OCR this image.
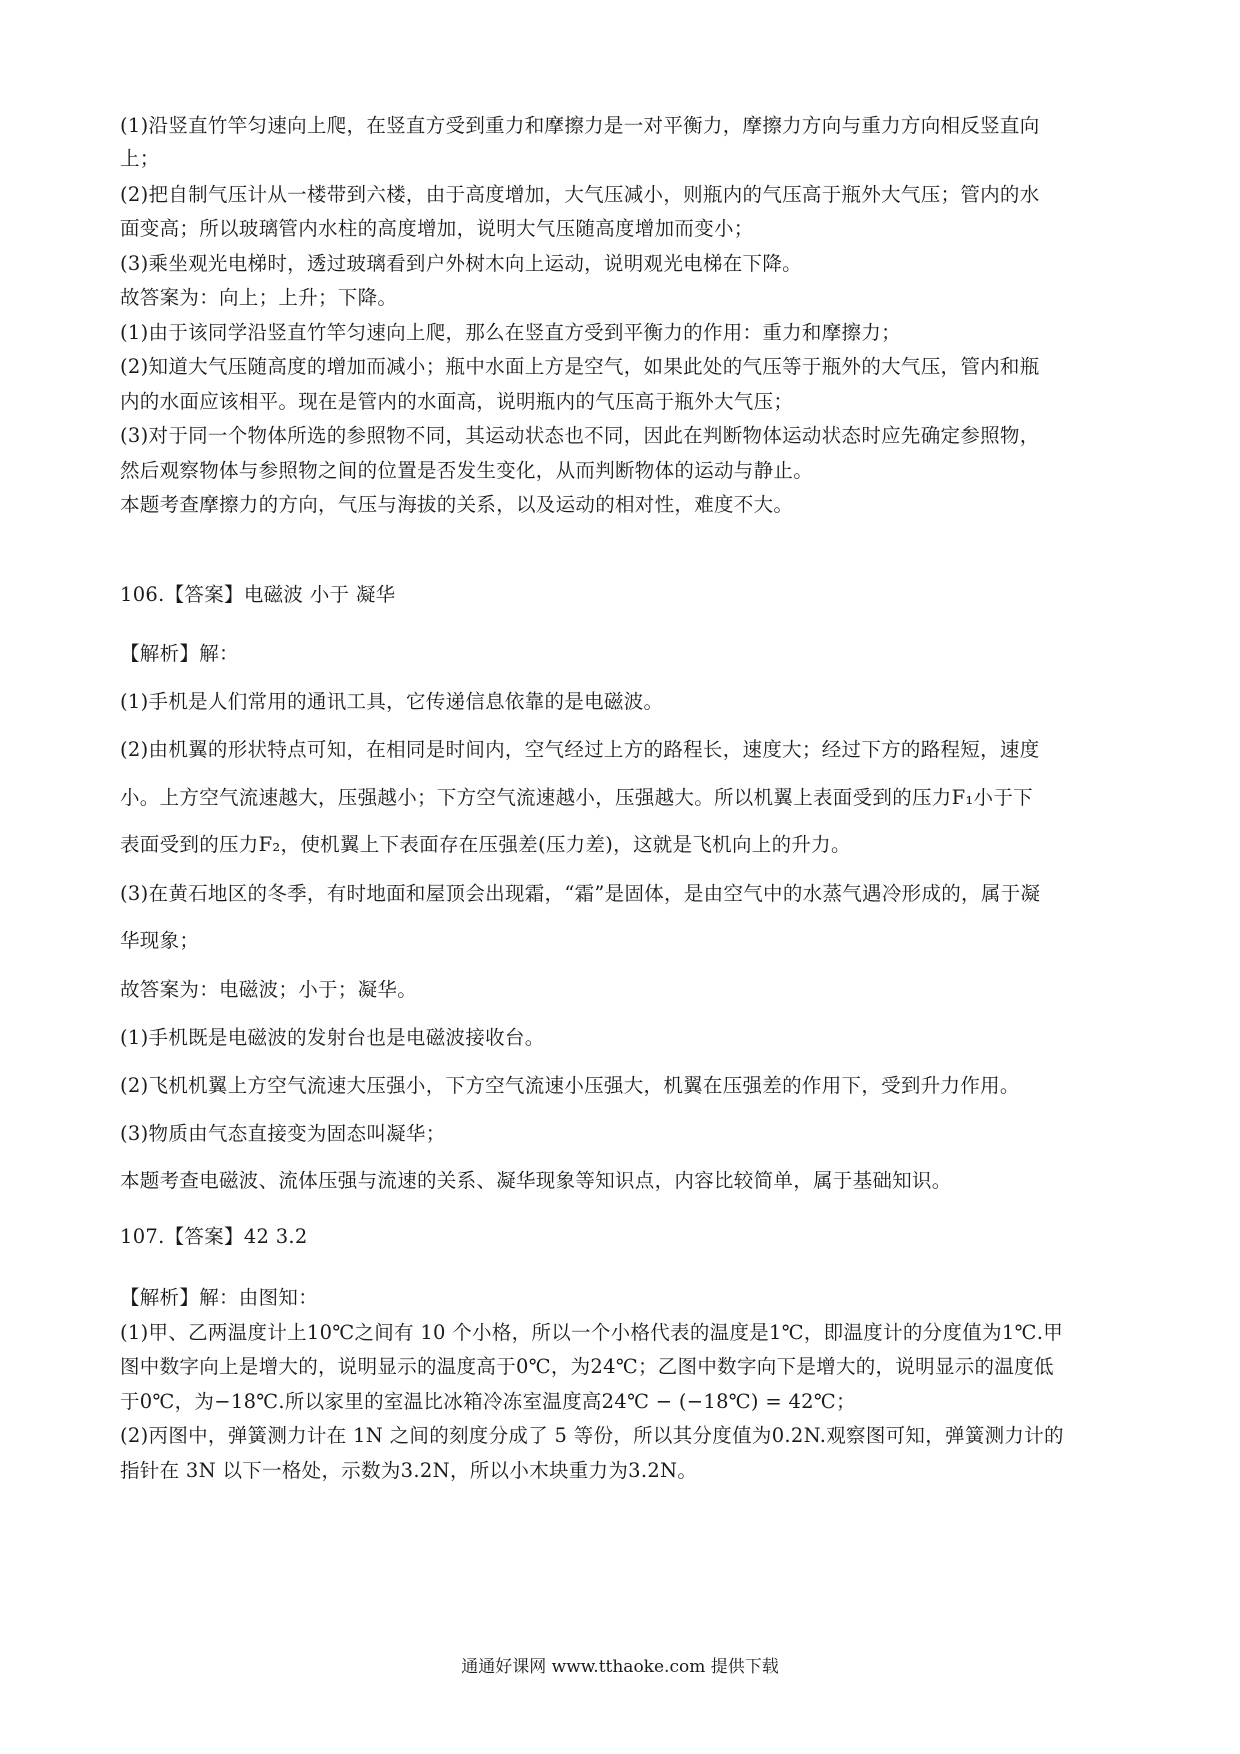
(1)沿竖直竹竿匀速向上爬，在竖直方受到重力和摩擦力是一对平衡力，摩擦力方向与重力方向相反竖直向
上；
(2)把自制气压计从一楼带到六楼，由于高度增加，大气压减小，则瓶内的气压高于瓶外大气压；管内的水
面变高；所以玻璃管内水柱的高度增加，说明大气压随高度增加而变小；
(3)乘坐观光电梯时，透过玻璃看到户外树木向上运动，说明观光电梯在下降。
故答案为：向上；上升；下降。
(1)由于该同学沿竖直竹竿匀速向上爬，那么在竖直方受到平衡力的作用：重力和摩擦力；
(2)知道大气压随高度的增加而减小；瓶中水面上方是空气，如果此处的气压等于瓶外的大气压，管内和瓶
内的水面应该相平。现在是管内的水面高，说明瓶内的气压高于瓶外大气压；
(3)对于同一个物体所选的参照物不同，其运动状态也不同，因此在判断物体运动状态时应先确定参照物，
然后观察物体与参照物之间的位置是否发生变化，从而判断物体的运动与静止。
本题考查摩擦力的方向，气压与海拔的关系，以及运动的相对性，难度不大。
106.【答案】电磁波 小于 凝华
【解析】解：
(1)手机是人们常用的通讯工具，它传递信息依靠的是电磁波。
(2)由机翼的形状特点可知，在相同是时间内，空气经过上方的路程长，速度大；经过下方的路程短，速度
小。上方空气流速越大，压强越小；下方空气流速越小，压强越大。所以机翼上表面受到的压力F₁小于下
表面受到的压力F₂，使机翼上下表面存在压强差(压力差)，这就是飞机向上的升力。
(3)在黄石地区的冬季，有时地面和屋顶会出现霜，“霜”是固体，是由空气中的水蒸气遇冷形成的，属于凝
华现象；
故答案为：电磁波；小于；凝华。
(1)手机既是电磁波的发射台也是电磁波接收台。
(2)飞机机翼上方空气流速大压强小，下方空气流速小压强大，机翼在压强差的作用下，受到升力作用。
(3)物质由气态直接变为固态叫凝华；
本题考查电磁波、流体压强与流速的关系、凝华现象等知识点，内容比较简单，属于基础知识。
107.【答案】42 3.2
【解析】解：由图知：
(1)甲、乙两温度计上10℃之间有 10 个小格，所以一个小格代表的温度是1℃，即温度计的分度值为1℃.甲
图中数字向上是增大的，说明显示的温度高于0℃，为24℃；乙图中数字向下是增大的，说明显示的温度低
于0℃，为−18℃.所以家里的室温比冰箱冷冻室温度高24℃ − (−18℃) = 42℃；
(2)丙图中，弹簧测力计在 1N 之间的刻度分成了 5 等份，所以其分度值为0.2N.观察图可知，弹簧测力计的
指针在 3N 以下一格处，示数为3.2N，所以小木块重力为3.2N。
通通好课网 www.tthaoke.com 提供下载
